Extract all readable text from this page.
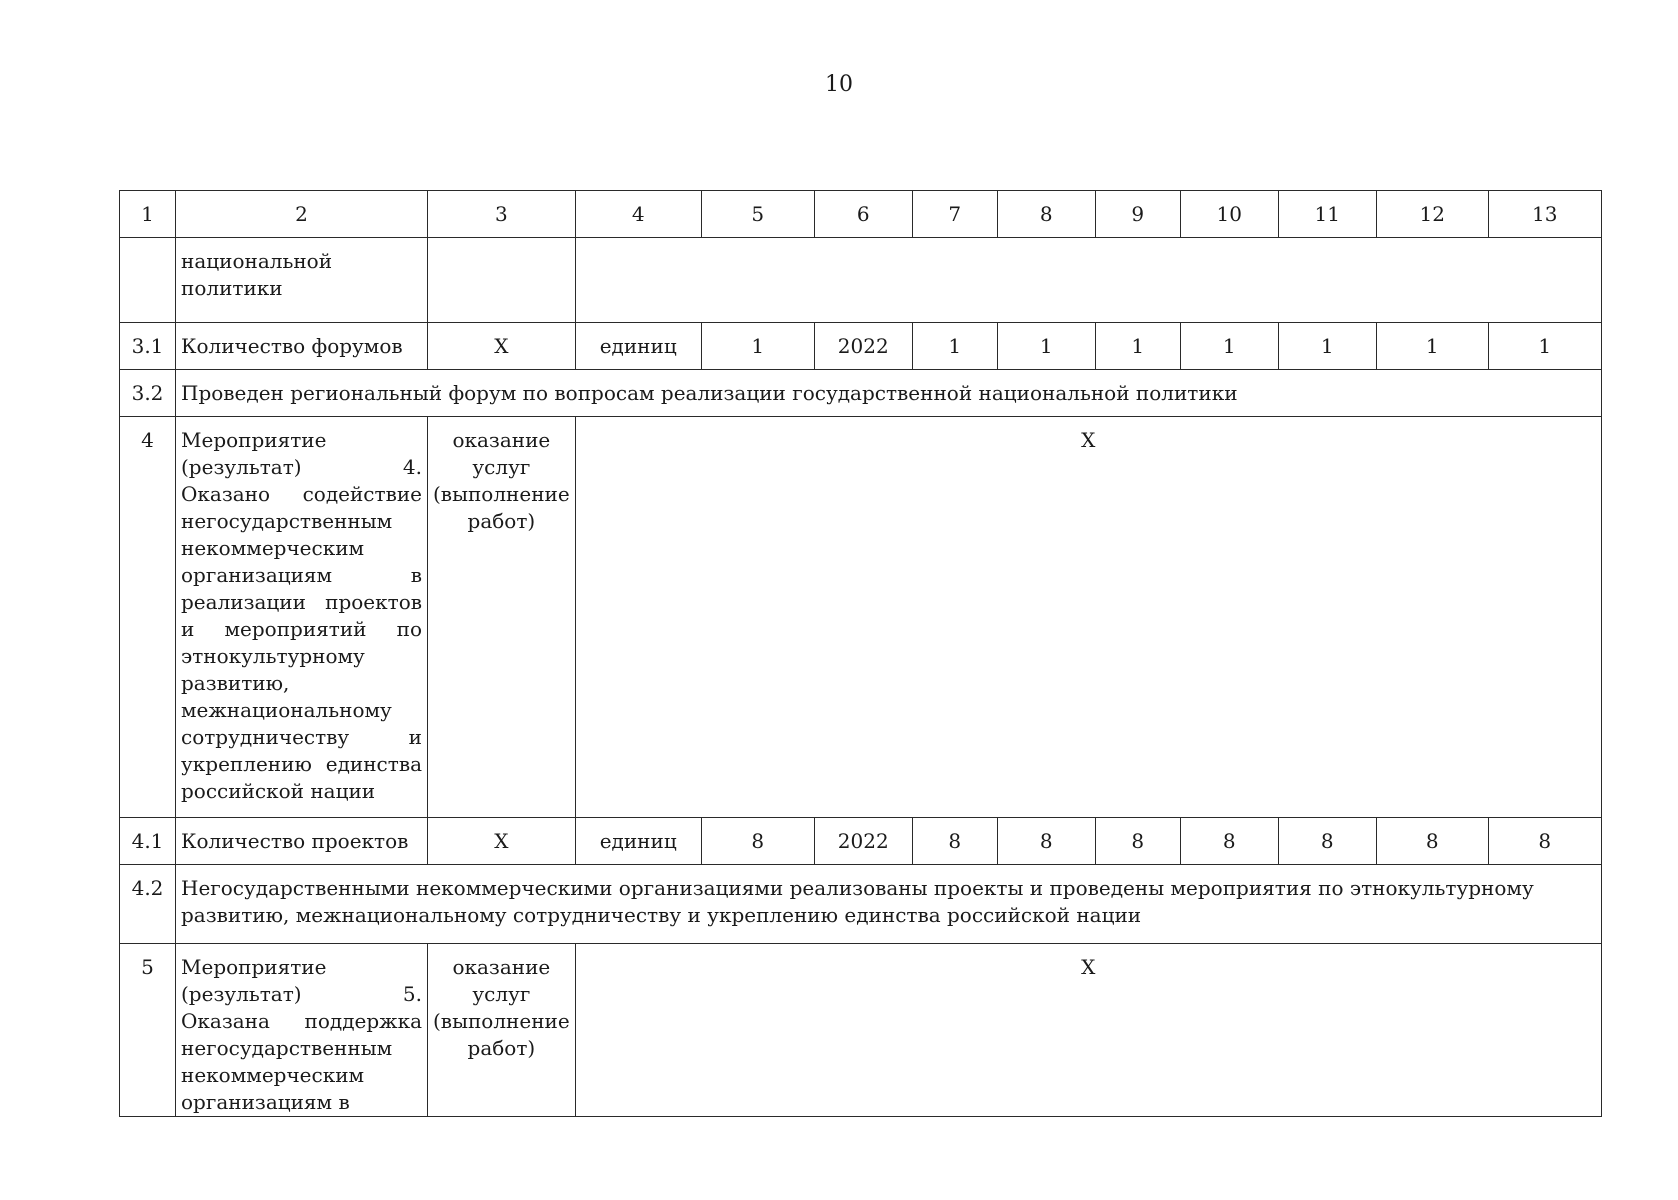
10
1	2	3	4	5	6	7	8	9	10	11	12	13
	национальной политики											
3.1	Количество форумов	X	единиц	1	2022	1	1	1	1	1	1	1
3.2	Проведен региональный форум по вопросам реализации государственной национальной политики											
4	Мероприятие (результат) 4. Оказано содействие негосударственным некоммерческим организациям в реализации проектов и мероприятий по этнокультурному развитию, межнациональному сотрудничеству и укреплению единства российской нации	оказание услуг (выполнение работ)	X									
4.1	Количество проектов	X	единиц	8	2022	8	8	8	8	8	8	8
4.2	Негосударственными некоммерческими организациями реализованы проекты и проведены мероприятия по этнокультурному развитию, межнациональному сотрудничеству и укреплению единства российской нации											
5	Мероприятие (результат) 5. Оказана поддержка негосударственным некоммерческим организациям в	оказание услуг (выполнение работ)	X									
